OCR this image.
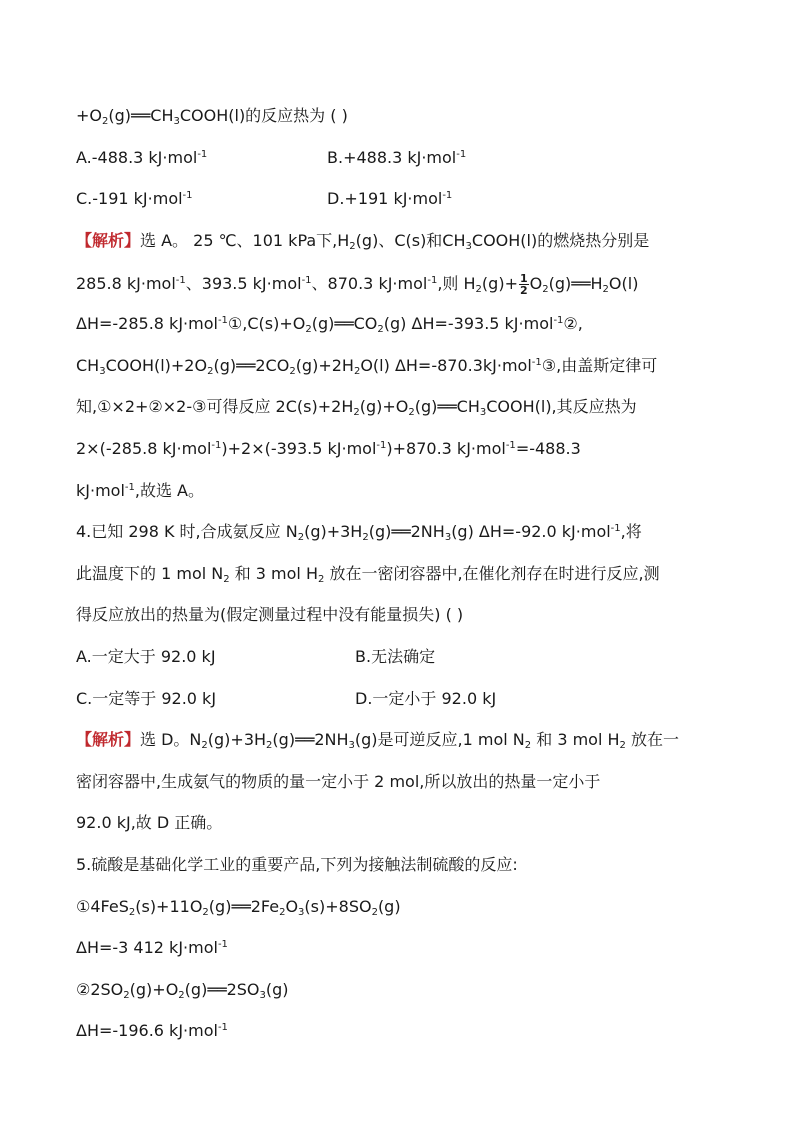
$+O_2(g)══CH_3COOH(l)$的反应热为 ( )
A.-488.3 kJ·mol$^{-1}$	B.+488.3 kJ·mol$^{-1}$
C.-191 kJ·mol$^{-1}$	D.+191 kJ·mol$^{-1}$
【解析】选 A。 25 ℃、101 kPa下$,H_2(g)$、C(s)和$CH_3COOH(l)$的燃烧热分别是
285.8 kJ·mol$^{-1}$、393.5 kJ·mol$^{-1}$、870.3 kJ·mol$^{-1}$,则 $H_2(g)+ \frac{1}{2}$ $O_2(g)══H_2O(l)$
ΔH=-285.8 $kJ\cdot mol^{-1}①,C(s)+O_2(g)══CO_2(g)$ ΔH=-393.5 kJ·mol$^{-1}$②,
$CH_3COOH(l)+2O_2(g)══2CO_2(g)+2H_2O(l)$ ΔH=-870.3kJ·mol$^{-1}$③,由盖斯定律可
知,①×2+②×2-③可得反应 $2C(s)+2H_2(g)+O_2(g)══CH_3COOH(l)$,其反应热为
2×(-285.8 kJ·mol$^{-1}$)+2×(-393.5 kJ·mol$^{-1}$)+870.3 kJ·mol$^{-1}$=-488.3
kJ·mol$^{-1}$,故选 A。
4.已知 298 K 时,合成氨反应 $N_2(g)+3H_2(g)══2NH_3(g)$ ΔH=-92.0 kJ·mol$^{-1}$,将
此温度下的 1 mol $N_2$ 和 3 mol $H_2$ 放在一密闭容器中,在催化剂存在时进行反应,测
得反应放出的热量为(假定测量过程中没有能量损失) ( )
A.一定大于 92.0 kJ	B.无法确定
C.一定等于 92.0 kJ	D.一定小于 92.0 kJ
【解析】选 D。$N_2(g)+3H_2(g)══2NH_3(g)$是可逆反应,1 mol $N_2$ 和 3 mol $H_2$ 放在一
密闭容器中,生成氨气的物质的量一定小于 2 mol,所以放出的热量一定小于
92.0 kJ,故 D 正确。
5.硫酸是基础化学工业的重要产品,下列为接触法制硫酸的反应:
$①4FeS_2(s)+11O_2(g)══2Fe_2O_3(s)+8SO_2(g)$
ΔH=-3 412 kJ·mol$^{-1}$
$②2SO_2(g)+O_2(g)══2SO_3(g)$
ΔH=-196.6 kJ·mol$^{-1}$
